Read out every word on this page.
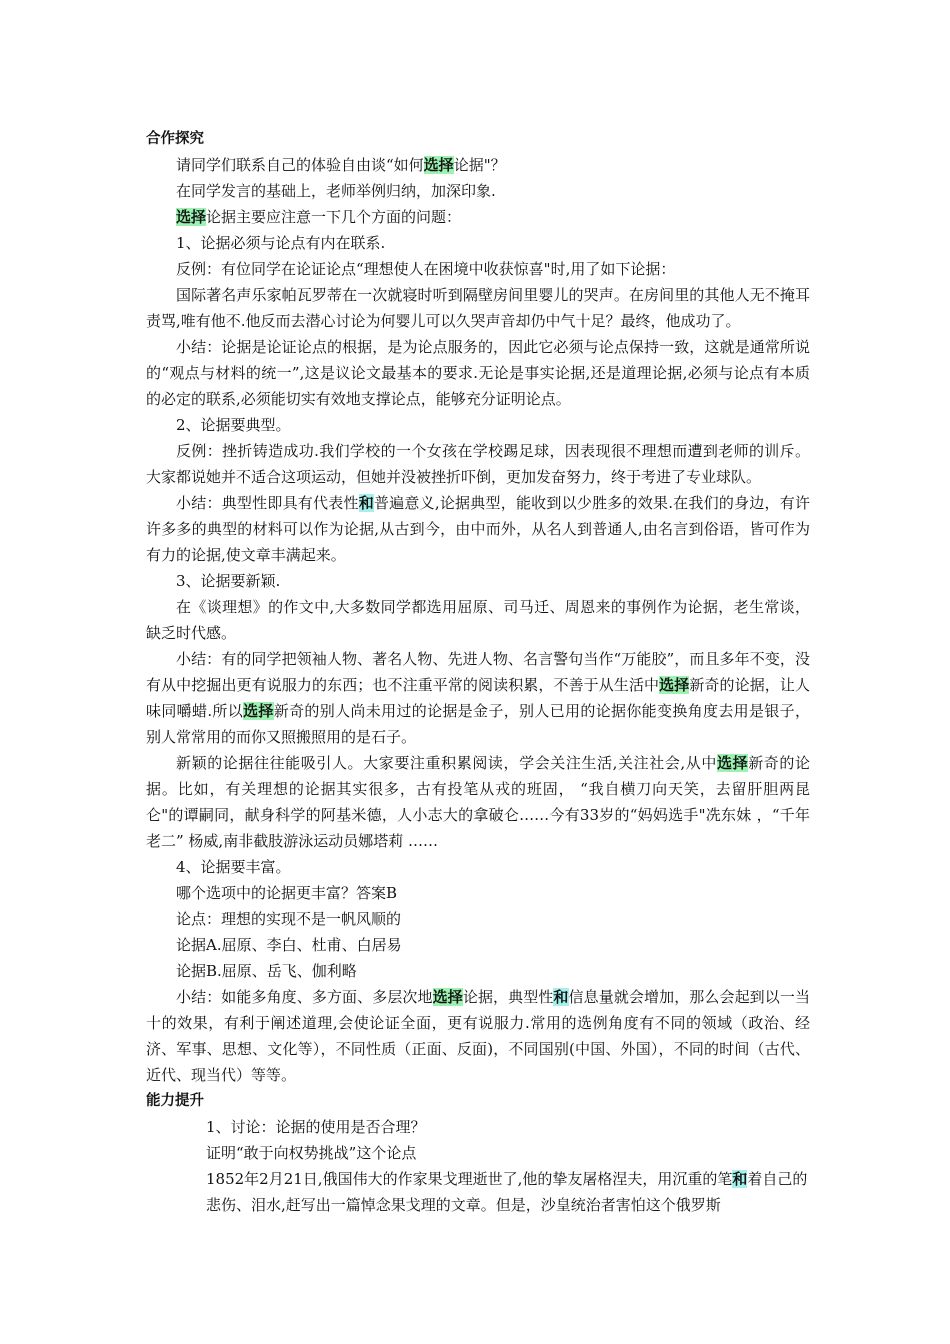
合作探究

请同学们联系自己的体验自由谈“如何选择论据"？

在同学发言的基础上，老师举例归纳，加深印象.

选择论据主要应注意一下几个方面的问题：

1、论据必须与论点有内在联系.

反例：有位同学在论证论点“理想使人在困境中收获惊喜"时,用了如下论据：

国际著名声乐家帕瓦罗蒂在一次就寝时听到隔壁房间里婴儿的哭声。在房间里的其他人无不掩耳责骂,唯有他不.他反而去潜心讨论为何婴儿可以久哭声音却仍中气十足？最终，他成功了。

小结：论据是论证论点的根据，是为论点服务的，因此它必须与论点保持一致，这就是通常所说的“观点与材料的统一”,这是议论文最基本的要求.无论是事实论据,还是道理论据,必须与论点有本质的必定的联系,必须能切实有效地支撑论点，能够充分证明论点。

2、论据要典型。

反例：挫折铸造成功.我们学校的一个女孩在学校踢足球，因表现很不理想而遭到老师的训斥。大家都说她并不适合这项运动，但她并没被挫折吓倒，更加发奋努力，终于考进了专业球队。

小结：典型性即具有代表性和普遍意义,论据典型，能收到以少胜多的效果.在我们的身边，有许许多多的典型的材料可以作为论据,从古到今，由中而外，从名人到普通人,由名言到俗语，皆可作为有力的论据,使文章丰满起来。

3、论据要新颖.

在《谈理想》的作文中,大多数同学都选用屈原、司马迁、周恩来的事例作为论据，老生常谈，缺乏时代感。

小结：有的同学把领袖人物、著名人物、先进人物、名言警句当作“万能胶”，而且多年不变，没有从中挖掘出更有说服力的东西；也不注重平常的阅读积累，不善于从生活中选择新奇的论据，让人味同嚼蜡.所以选择新奇的别人尚未用过的论据是金子，别人已用的论据你能变换角度去用是银子，别人常常用的而你又照搬照用的是石子。

新颖的论据往往能吸引人。大家要注重积累阅读，学会关注生活,关注社会,从中选择新奇的论据。比如，有关理想的论据其实很多，古有投笔从戎的班固， “我自横刀向天笑，去留肝胆两昆仑"的谭嗣同，献身科学的阿基米德，人小志大的拿破仑……今有33岁的“妈妈选手"冼东妹 ，“千年老二” 杨威,南非截肢游泳运动员娜塔莉 ……

4、论据要丰富。

哪个选项中的论据更丰富？答案B

论点：理想的实现不是一帆风顺的

论据A.屈原、李白、杜甫、白居易

论据B.屈原、岳飞、伽利略

小结：如能多角度、多方面、多层次地选择论据，典型性和信息量就会增加，那么会起到以一当十的效果，有利于阐述道理,会使论证全面，更有说服力.常用的选例角度有不同的领域（政治、经济、军事、思想、文化等），不同性质（正面、反面)，不同国别(中国、外国），不同的时间（古代、近代、现当代）等等。

能力提升

1、讨论：论据的使用是否合理？

证明“敢于向权势挑战”这个论点

1852年2月21日,俄国伟大的作家果戈理逝世了,他的挚友屠格涅夫，用沉重的笔和着自己的悲伤、泪水,赶写出一篇悼念果戈理的文章。但是，沙皇统治者害怕这个俄罗斯
